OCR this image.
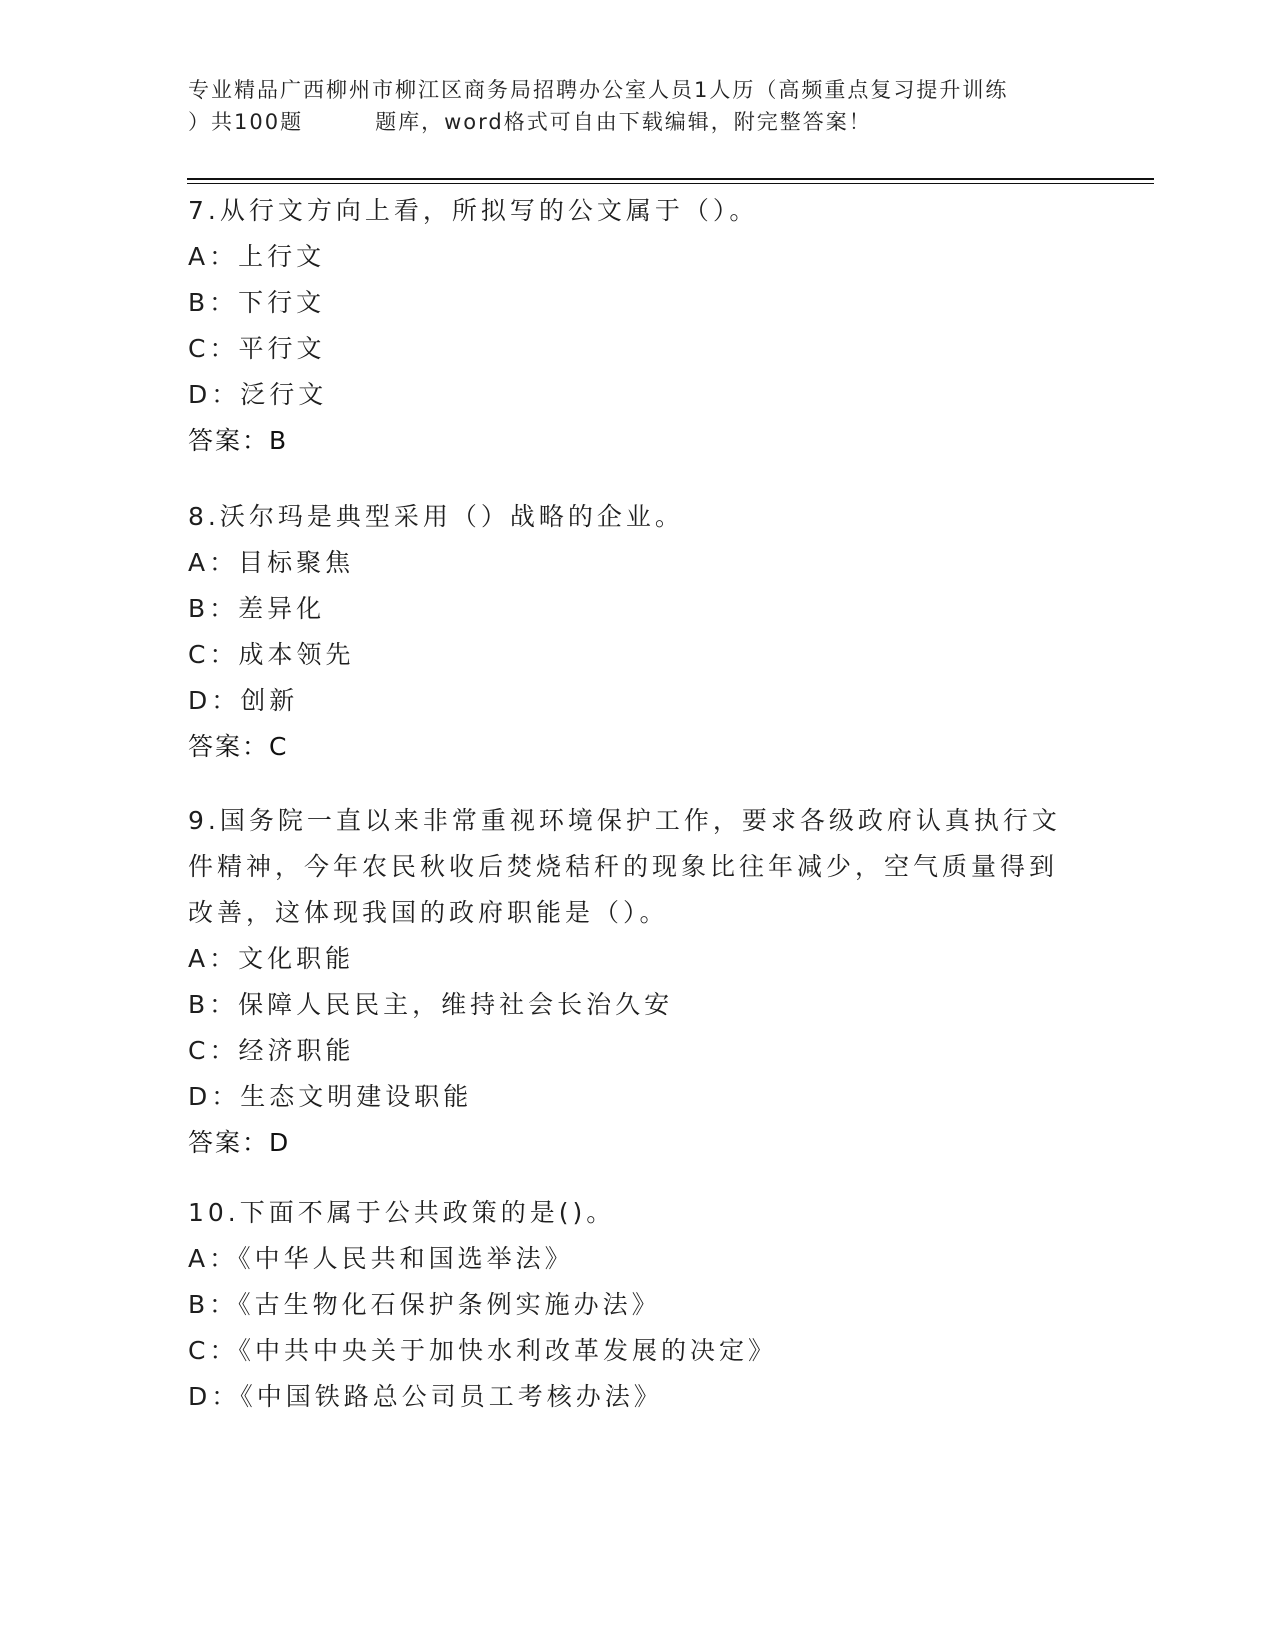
专业精品广西柳州市柳江区商务局招聘办公室人员1人历（高频重点复习提升训练
）共100题	题库，word格式可自由下载编辑，附完整答案！
7.从行文方向上看，所拟写的公文属于（）。
A：上行文
B：下行文
C：平行文
D：泛行文
答案：B
8.沃尔玛是典型采用（）战略的企业。
A：目标聚焦
B：差异化
C：成本领先
D：创新
答案：C
9.国务院一直以来非常重视环境保护工作，要求各级政府认真执行文
件精神，今年农民秋收后焚烧秸秆的现象比往年减少，空气质量得到
改善，这体现我国的政府职能是（）。
A：文化职能
B：保障人民民主，维持社会长治久安
C：经济职能
D：生态文明建设职能
答案：D
10.下面不属于公共政策的是()。
A：《中华人民共和国选举法》
B：《古生物化石保护条例实施办法》
C：《中共中央关于加快水利改革发展的决定》
D：《中国铁路总公司员工考核办法》
